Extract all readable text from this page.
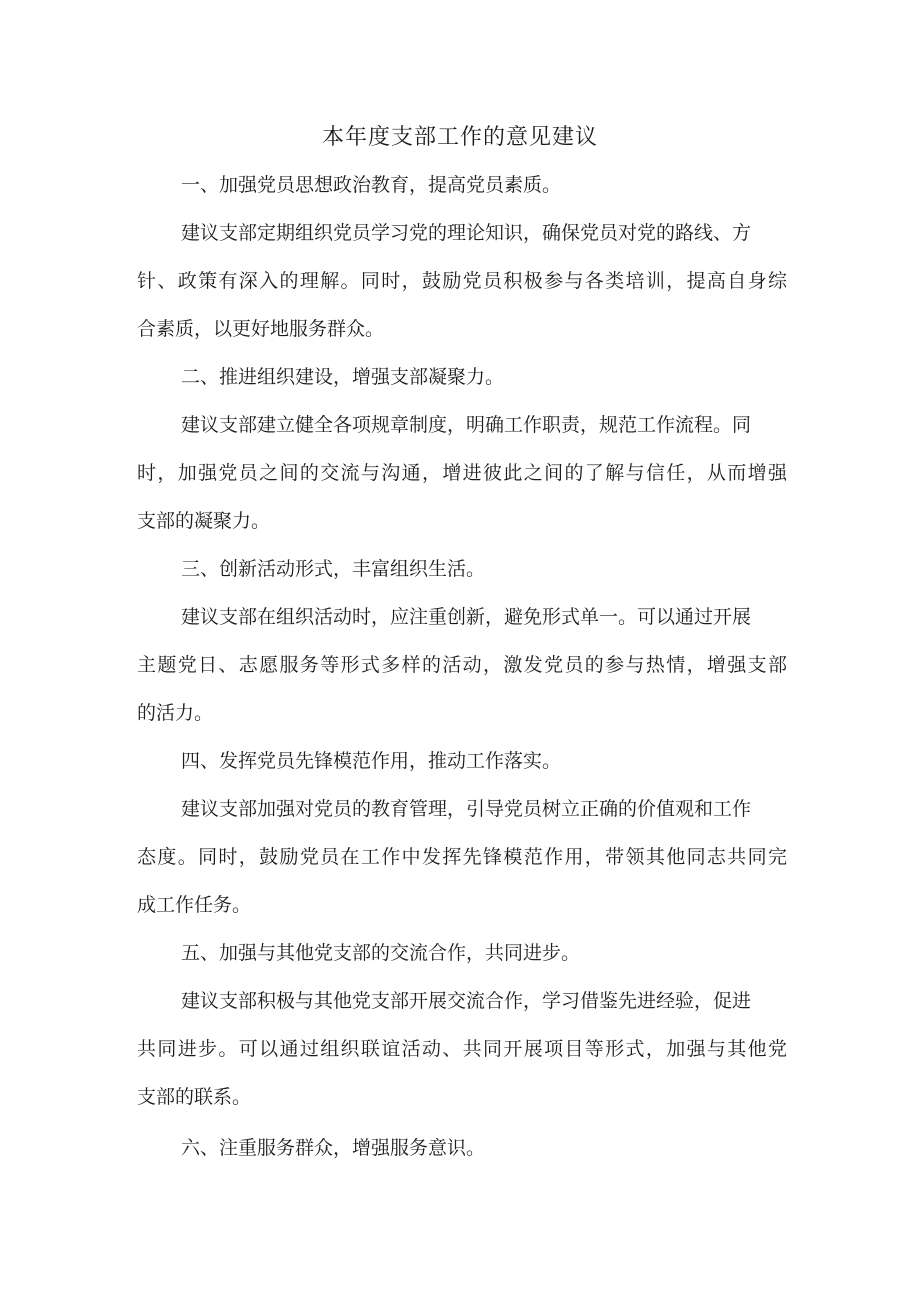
本年度支部工作的意见建议
一、加强党员思想政治教育，提高党员素质。
建议支部定期组织党员学习党的理论知识，确保党员对党的路线、方
针、政策有深入的理解。同时，鼓励党员积极参与各类培训，提高自身综
合素质，以更好地服务群众。
二、推进组织建设，增强支部凝聚力。
建议支部建立健全各项规章制度，明确工作职责，规范工作流程。同
时，加强党员之间的交流与沟通，增进彼此之间的了解与信任，从而增强
支部的凝聚力。
三、创新活动形式，丰富组织生活。
建议支部在组织活动时，应注重创新，避免形式单一。可以通过开展
主题党日、志愿服务等形式多样的活动，激发党员的参与热情，增强支部
的活力。
四、发挥党员先锋模范作用，推动工作落实。
建议支部加强对党员的教育管理，引导党员树立正确的价值观和工作
态度。同时，鼓励党员在工作中发挥先锋模范作用，带领其他同志共同完
成工作任务。
五、加强与其他党支部的交流合作，共同进步。
建议支部积极与其他党支部开展交流合作，学习借鉴先进经验，促进
共同进步。可以通过组织联谊活动、共同开展项目等形式，加强与其他党
支部的联系。
六、注重服务群众，增强服务意识。
